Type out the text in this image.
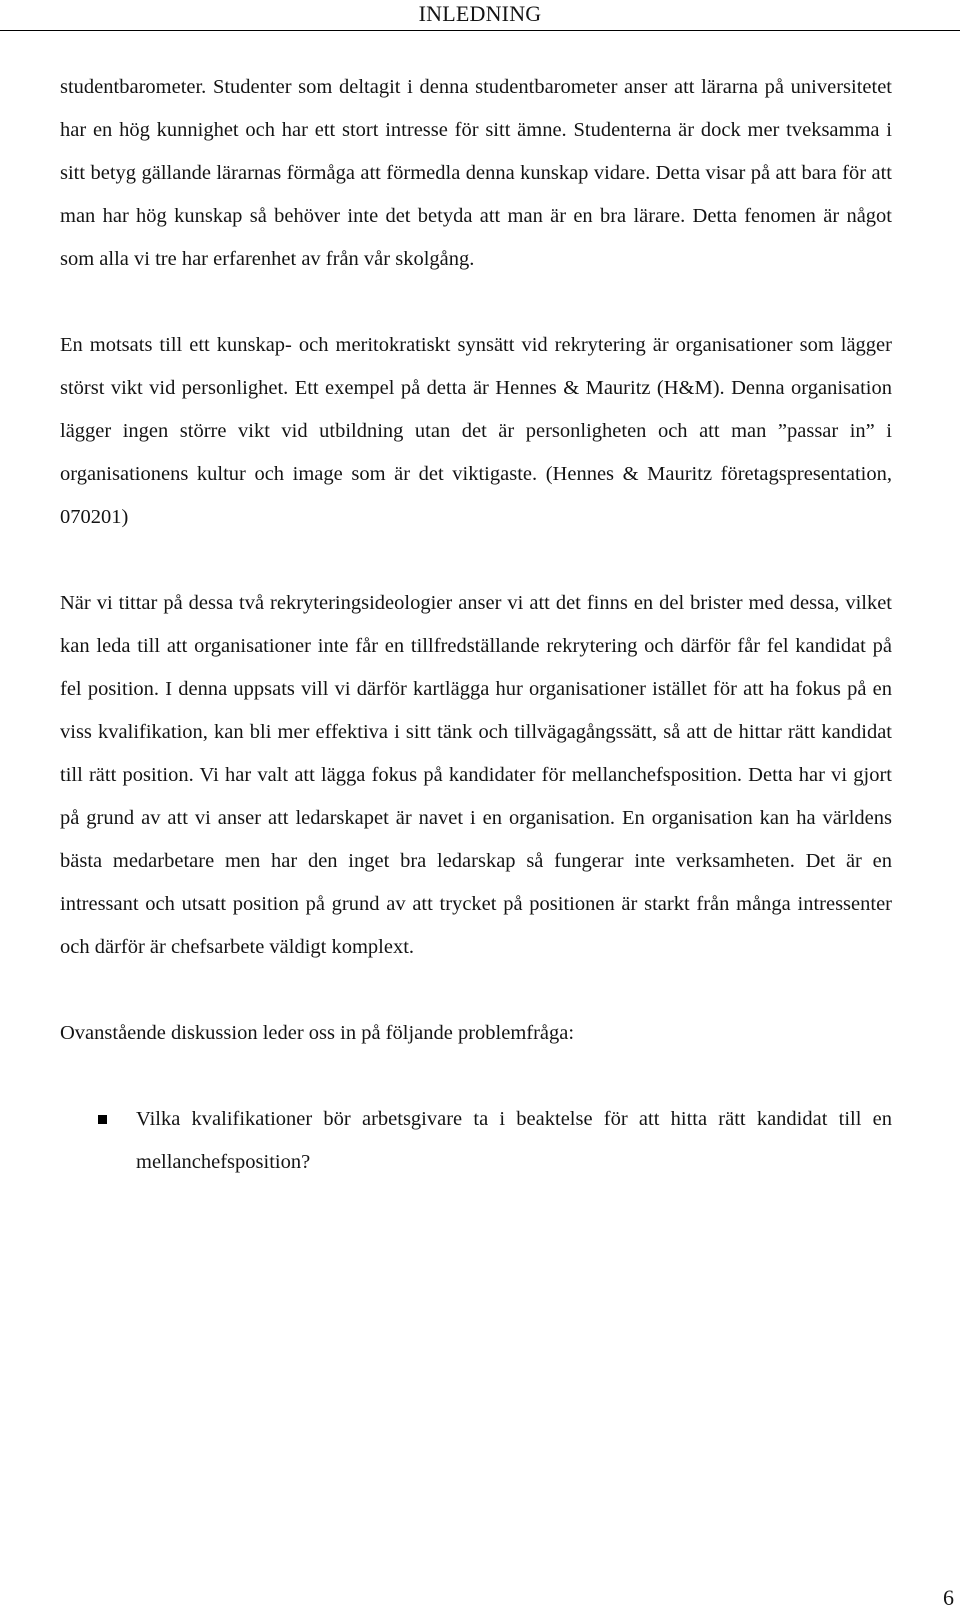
INLEDNING

studentbarometer. Studenter som deltagit i denna studentbarometer anser att lärarna på universitetet har en hög kunnighet och har ett stort intresse för sitt ämne. Studenterna är dock mer tveksamma i sitt betyg gällande lärarnas förmåga att förmedla denna kunskap vidare. Detta visar på att bara för att man har hög kunskap så behöver inte det betyda att man är en bra lärare. Detta fenomen är något som alla vi tre har erfarenhet av från vår skolgång.

En motsats till ett kunskap- och meritokratiskt synsätt vid rekrytering är organisationer som lägger störst vikt vid personlighet. Ett exempel på detta är Hennes & Mauritz (H&M). Denna organisation lägger ingen större vikt vid utbildning utan det är personligheten och att man ”passar in” i organisationens kultur och image som är det viktigaste. (Hennes & Mauritz företagspresentation, 070201)

När vi tittar på dessa två rekryteringsideologier anser vi att det finns en del brister med dessa, vilket kan leda till att organisationer inte får en tillfredställande rekrytering och därför får fel kandidat på fel position. I denna uppsats vill vi därför kartlägga hur organisationer istället för att ha fokus på en viss kvalifikation, kan bli mer effektiva i sitt tänk och tillvägagångssätt, så att de hittar rätt kandidat till rätt position. Vi har valt att lägga fokus på kandidater för mellanchefsposition. Detta har vi gjort på grund av att vi anser att ledarskapet är navet i en organisation. En organisation kan ha världens bästa medarbetare men har den inget bra ledarskap så fungerar inte verksamheten. Det är en intressant och utsatt position på grund av att trycket på positionen är starkt från många intressenter och därför är chefsarbete väldigt komplext.

Ovanstående diskussion leder oss in på följande problemfråga:

Vilka kvalifikationer bör arbetsgivare ta i beaktelse för att hitta rätt kandidat till en mellanchefsposition?
6
